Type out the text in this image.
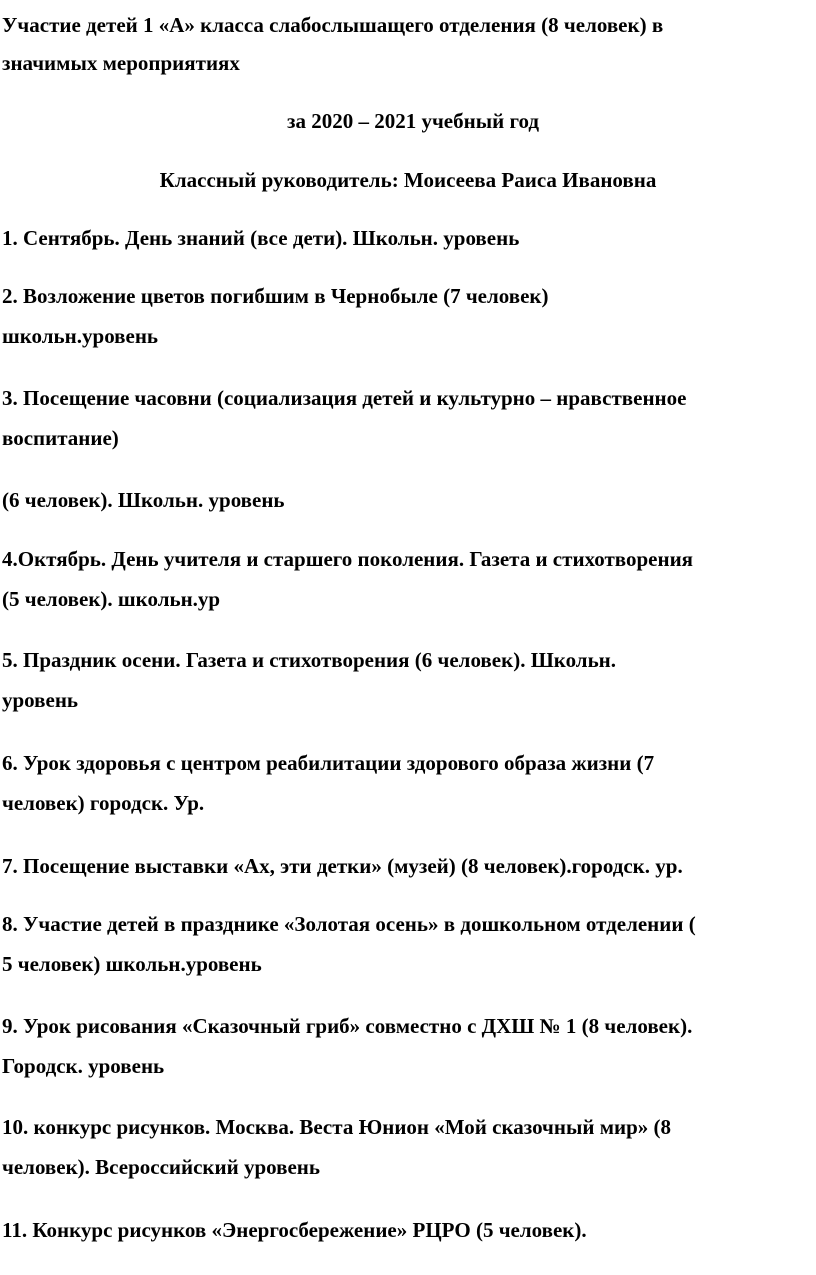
Участие детей 1 «А» класса слабослышащего отделения (8 человек) в
значимых мероприятиях
за 2020 – 2021 учебный год
Классный руководитель: Моисеева Раиса Ивановна
1. Сентябрь. День знаний (все дети). Школьн. уровень
2. Возложение цветов погибшим в Чернобыле (7 человек)
школьн.уровень
3. Посещение часовни (социализация детей и культурно – нравственное
воспитание)
(6 человек). Школьн. уровень
4.Октябрь. День учителя и старшего поколения. Газета и стихотворения
(5 человек). школьн.ур
5. Праздник осени. Газета и стихотворения (6 человек). Школьн.
уровень
6. Урок здоровья с центром реабилитации здорового образа жизни (7
человек) городск. Ур.
7. Посещение выставки «Ах, эти детки» (музей) (8 человек).городск. ур.
8. Участие детей в празднике «Золотая осень» в дошкольном отделении (
5 человек) школьн.уровень
9. Урок рисования «Сказочный гриб» совместно с ДХШ № 1 (8 человек).
Городск. уровень
10. конкурс рисунков. Москва. Веста Юнион «Мой сказочный мир» (8
человек). Всероссийский уровень
11. Конкурс рисунков «Энергосбережение» РЦРО (5 человек).
